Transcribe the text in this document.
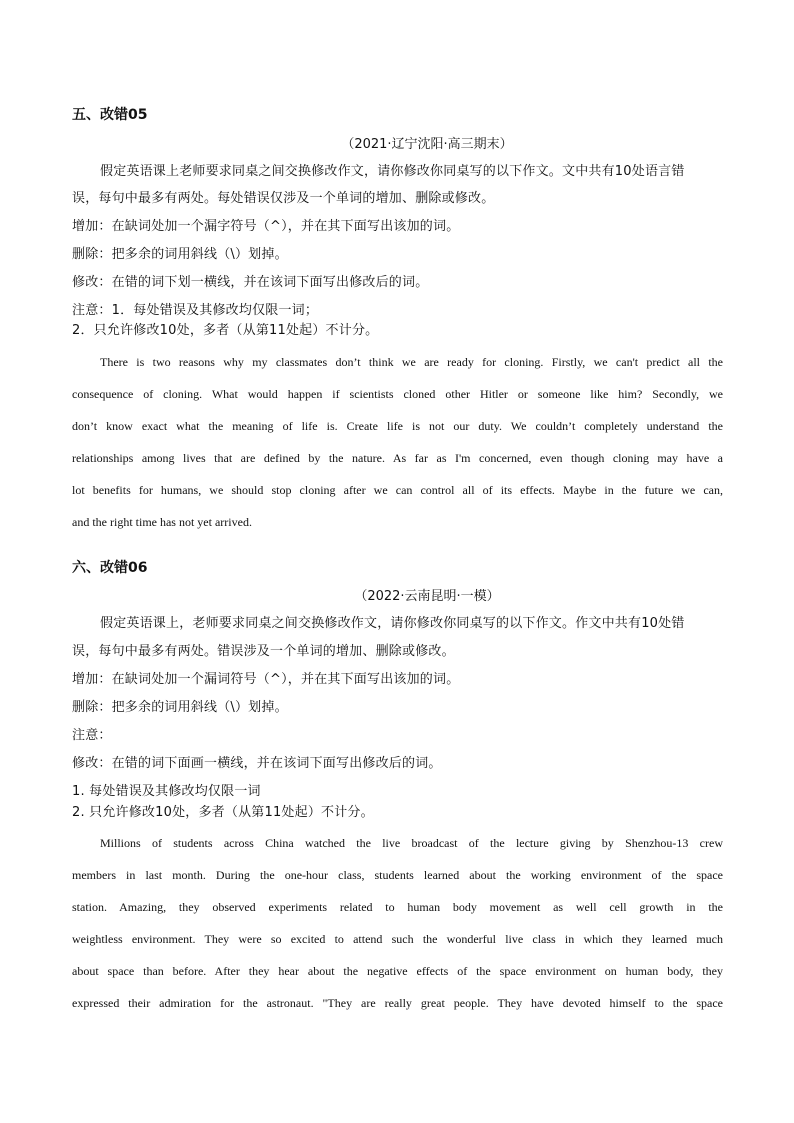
五、改错05
（2021·辽宁沈阳·高三期末）
假定英语课上老师要求同桌之间交换修改作文，请你修改你同桌写的以下作文。文中共有10处语言错
误，每句中最多有两处。每处错误仅涉及一个单词的增加、删除或修改。
增加：在缺词处加一个漏字符号（^），并在其下面写出该加的词。
删除：把多余的词用斜线（\）划掉。
修改：在错的词下划一横线，并在该词下面写出修改后的词。
注意：1．每处错误及其修改均仅限一词；
2．只允许修改10处，多者（从第11处起）不计分。
There is two reasons why my classmates don’t think we are ready for cloning. Firstly, we can't predict all the
consequence of cloning. What would happen if scientists cloned other Hitler or someone like him? Secondly, we
don’t know exact what the meaning of life is. Create life is not our duty. We couldn’t completely understand the
relationships among lives that are defined by the nature. As far as I'm concerned, even though cloning may have a
lot benefits for humans, we should stop cloning after we can control all of its effects. Maybe in the future we can,
and the right time has not yet arrived.
六、改错06
（2022·云南昆明·一模）
假定英语课上，老师要求同桌之间交换修改作文，请你修改你同桌写的以下作文。作文中共有10处错
误，每句中最多有两处。错误涉及一个单词的增加、删除或修改。
增加：在缺词处加一个漏词符号（^），并在其下面写出该加的词。
删除：把多余的词用斜线（\）划掉。
注意：
修改：在错的词下面画一横线，并在该词下面写出修改后的词。
1. 每处错误及其修改均仅限一词
2. 只允许修改10处，多者（从第11处起）不计分。
Millions of students across China watched the live broadcast of the lecture giving by Shenzhou-13 crew
members in last month. During the one-hour class, students learned about the working environment of the space
station. Amazing, they observed experiments related to human body movement as well cell growth in the
weightless environment. They were so excited to attend such the wonderful live class in which they learned much
about space than before. After they hear about the negative effects of the space environment on human body, they
expressed their admiration for the astronaut. "They are really great people. They have devoted himself to the space
